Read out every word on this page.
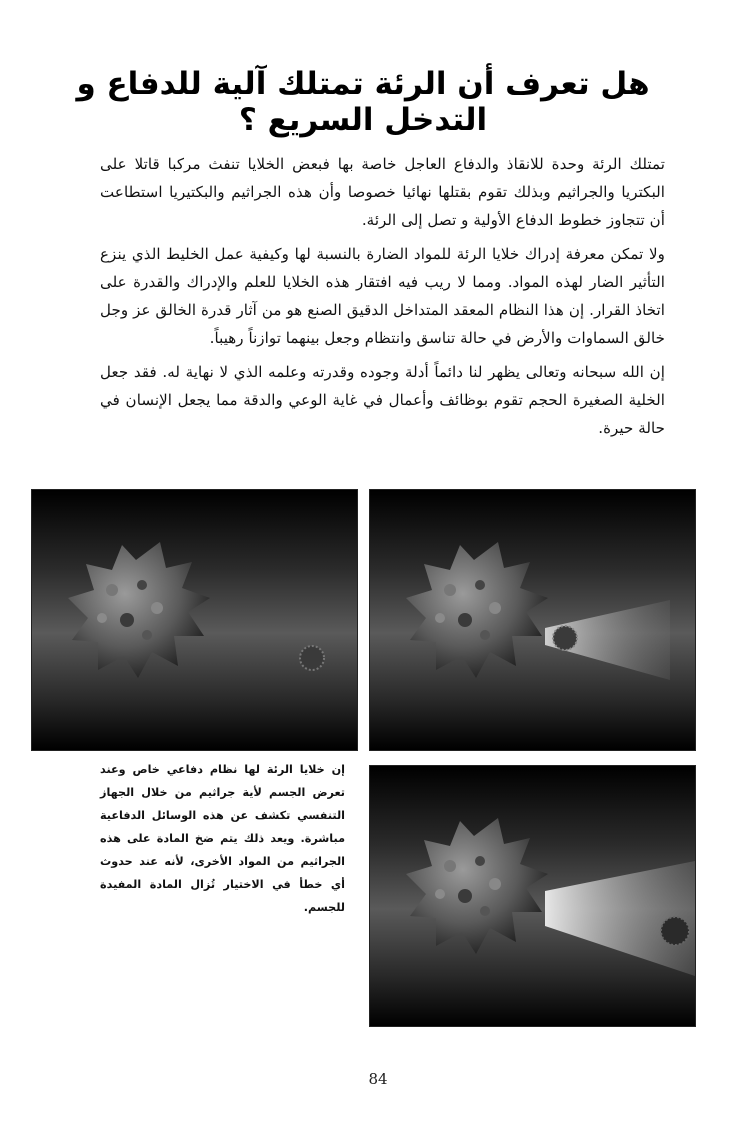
هل تعرف أن الرئة تمتلك آلية للدفاع و التدخل السريع ؟

تمتلك الرئة وحدة للانقاذ والدفاع العاجل خاصة بها فبعض الخلايا تنفث مركبا قاتلا على البكتريا والجراثيم وبذلك تقوم بقتلها نهائيا خصوصا وأن هذه الجراثيم والبكتيريا استطاعت أن تتجاوز خطوط الدفاع الأولية و تصل إلى الرئة.

ولا تمكن معرفة إدراك خلايا الرئة للمواد الضارة بالنسبة لها وكيفية عمل الخليط الذي ينزع التأثير الضار لهذه المواد. ومما لا ريب فيه افتقار هذه الخلايا للعلم والإدراك والقدرة على اتخاذ القرار. إن هذا النظام المعقد المتداخل الدقيق الصنع هو من آثار قدرة الخالق عز وجل خالق السماوات والأرض في حالة تناسق وانتظام وجعل بينهما توازناً رهيباً.

إن الله سبحانه وتعالى يظهر لنا دائماً أدلة وجوده وقدرته وعلمه الذي لا نهاية له. فقد جعل الخلية الصغيرة الحجم تقوم بوظائف وأعمال في غاية الوعي والدقة مما يجعل الإنسان في حالة حيرة.

إن خلايا الرئة لها نظام دفاعي خاص وعند تعرض الجسم لأية جراثيم من خلال الجهاز التنفسي تكشف عن هذه الوسائل الدفاعية مباشرة. ويعد ذلك يتم ضخ المادة على هذه الجراثيم من المواد الأخرى، لأنه عند حدوث أي خطأ في الاختيار تُزال المادة المفيدة للجسم.

84
